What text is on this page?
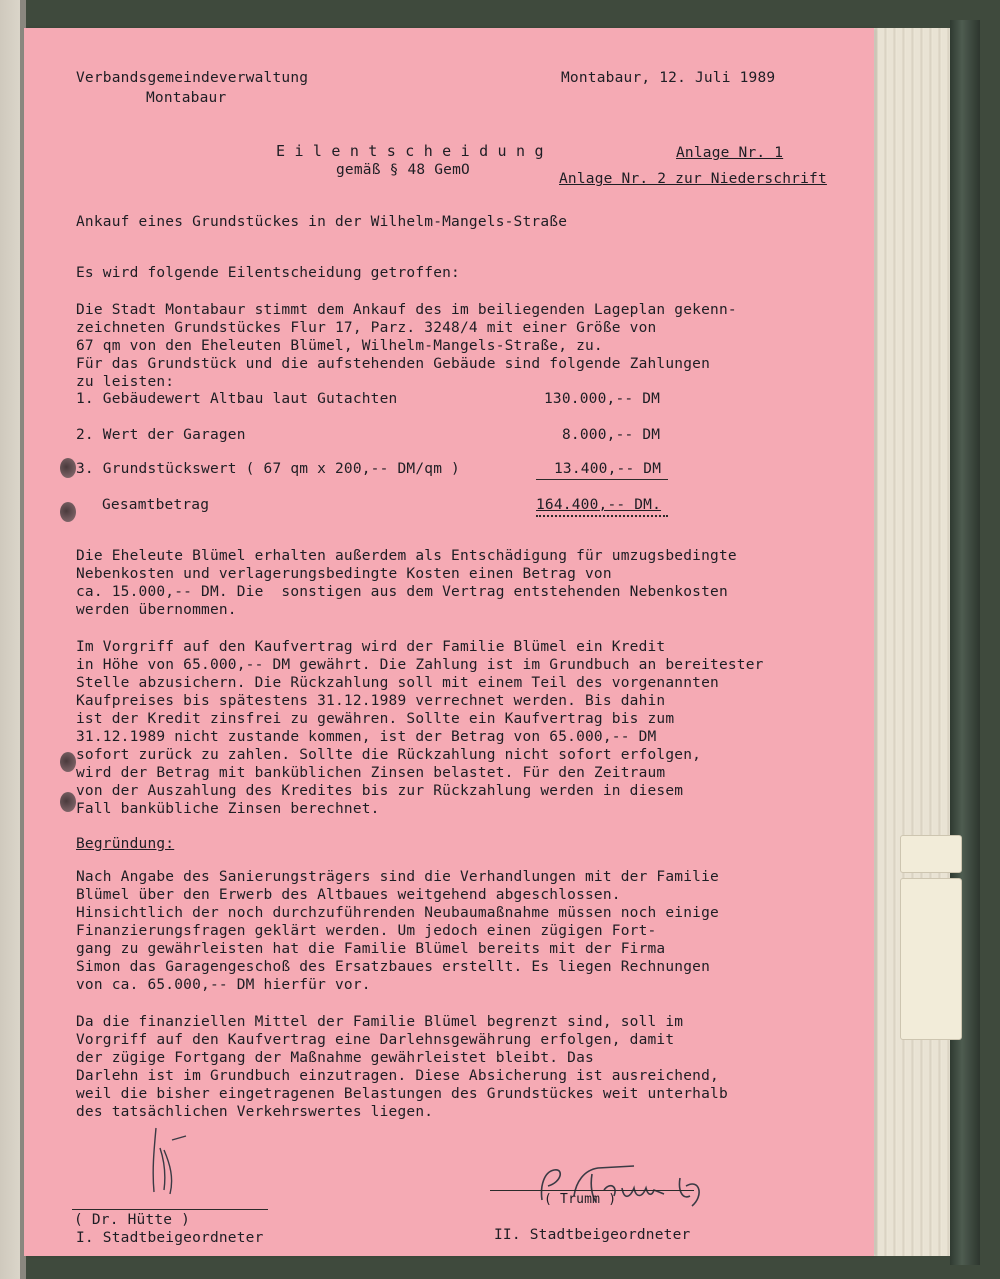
Verbandsgemeindeverwaltung
Montabaur
Montabaur, 12. Juli 1989
E i l e n t s c h e i d u n g
gemäß § 48 GemO
Anlage Nr. 1
Anlage Nr. 2 zur Niederschrift
Ankauf eines Grundstückes in der Wilhelm-Mangels-Straße
Es wird folgende Eilentscheidung getroffen:
Die Stadt Montabaur stimmt dem Ankauf des im beiliegenden Lageplan gekenn-
zeichneten Grundstückes Flur 17, Parz. 3248/4 mit einer Größe von
67 qm von den Eheleuten Blümel, Wilhelm-Mangels-Straße, zu.
Für das Grundstück und die aufstehenden Gebäude sind folgende Zahlungen
zu leisten:
1. Gebäudewert Altbau laut Gutachten	130.000,-- DM
2. Wert der Garagen	8.000,-- DM
3. Grundstückswert ( 67 qm x 200,-- DM/qm )	13.400,-- DM
Gesamtbetrag	164.400,-- DM.
Die Eheleute Blümel erhalten außerdem als Entschädigung für umzugsbedingte
Nebenkosten und verlagerungsbedingte Kosten einen Betrag von
ca. 15.000,-- DM. Die  sonstigen aus dem Vertrag entstehenden Nebenkosten
werden übernommen.
Im Vorgriff auf den Kaufvertrag wird der Familie Blümel ein Kredit
in Höhe von 65.000,-- DM gewährt. Die Zahlung ist im Grundbuch an bereitester
Stelle abzusichern. Die Rückzahlung soll mit einem Teil des vorgenannten
Kaufpreises bis spätestens 31.12.1989 verrechnet werden. Bis dahin
ist der Kredit zinsfrei zu gewähren. Sollte ein Kaufvertrag bis zum
31.12.1989 nicht zustande kommen, ist der Betrag von 65.000,-- DM
sofort zurück zu zahlen. Sollte die Rückzahlung nicht sofort erfolgen,
wird der Betrag mit banküblichen Zinsen belastet. Für den Zeitraum
von der Auszahlung des Kredites bis zur Rückzahlung werden in diesem
Fall bankübliche Zinsen berechnet.
Begründung:
Nach Angabe des Sanierungsträgers sind die Verhandlungen mit der Familie
Blümel über den Erwerb des Altbaues weitgehend abgeschlossen.
Hinsichtlich der noch durchzuführenden Neubaumaßnahme müssen noch einige
Finanzierungsfragen geklärt werden. Um jedoch einen zügigen Fort-
gang zu gewährleisten hat die Familie Blümel bereits mit der Firma
Simon das Garagengeschoß des Ersatzbaues erstellt. Es liegen Rechnungen
von ca. 65.000,-- DM hierfür vor.
Da die finanziellen Mittel der Familie Blümel begrenzt sind, soll im
Vorgriff auf den Kaufvertrag eine Darlehnsgewährung erfolgen, damit
der zügige Fortgang der Maßnahme gewährleistet bleibt. Das
Darlehn ist im Grundbuch einzutragen. Diese Absicherung ist ausreichend,
weil die bisher eingetragenen Belastungen des Grundstückes weit unterhalb
des tatsächlichen Verkehrswertes liegen.
( Dr. Hütte )
I. Stadtbeigeordneter
( Trumm )
II. Stadtbeigeordneter
